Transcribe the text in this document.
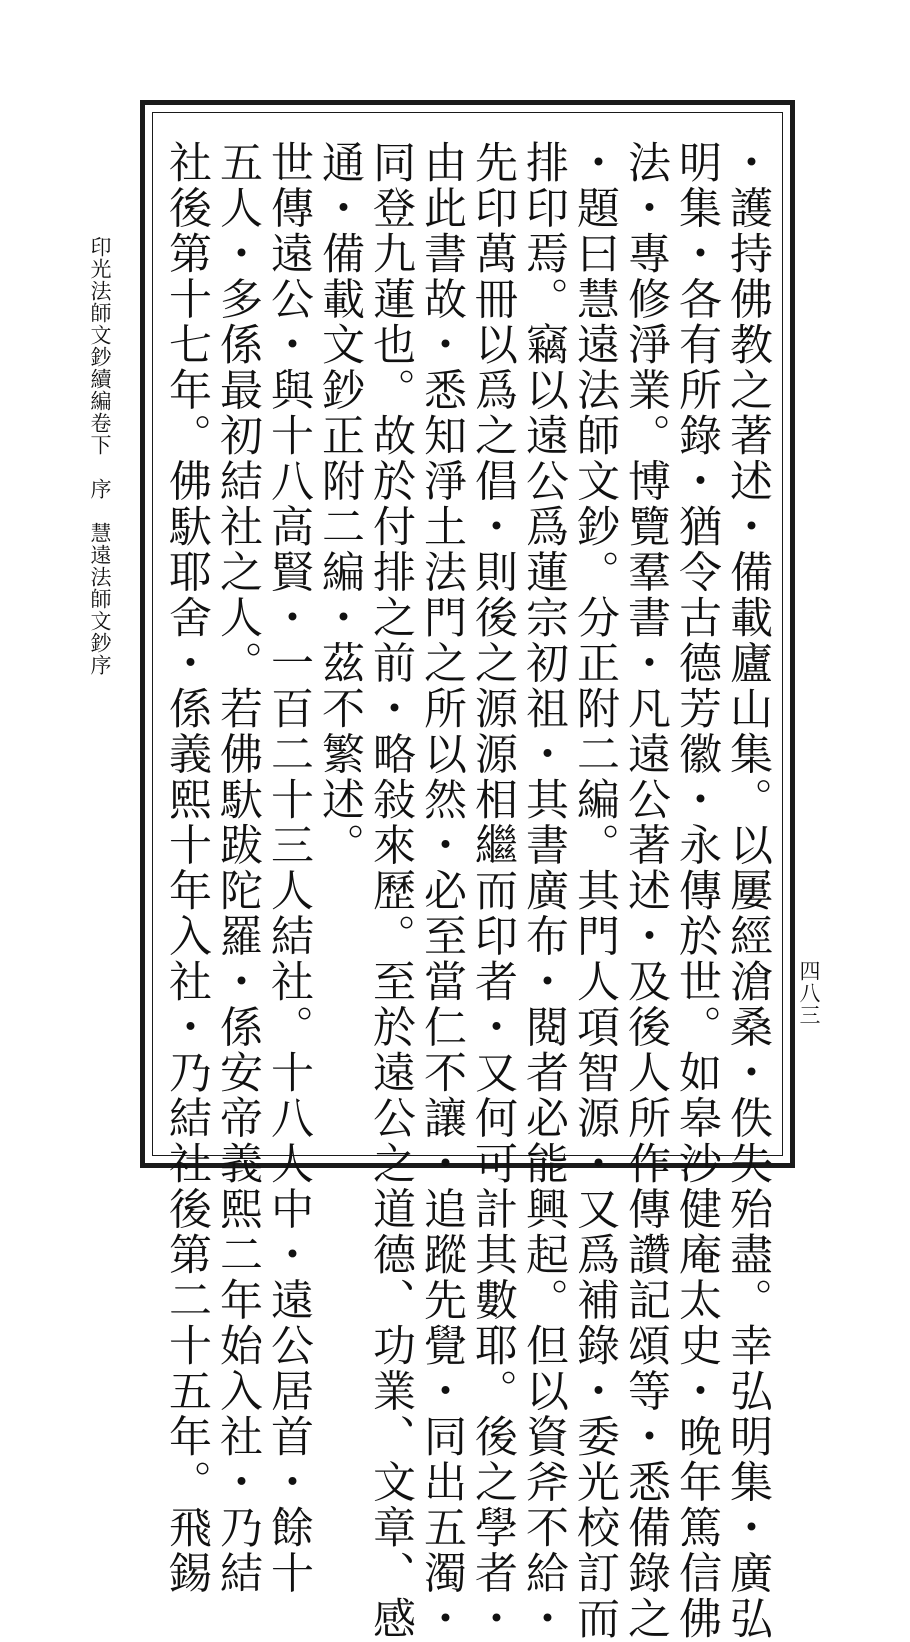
印光法師文鈔續編卷下　序　慧遠法師文鈔序
四八三
・護持佛教之著述・備載廬山集。以屢經滄桑・佚失殆盡。幸弘明集・廣弘
明集・各有所錄・猶令古德芳徽・永傳於世。如皋沙健庵太史・晚年篤信佛
法・專修淨業。博覽羣書・凡遠公著述・及後人所作傳讚記頌等・悉備錄之
・題曰慧遠法師文鈔。分正附二編。其門人項智源・又爲補錄・委光校訂而
排印焉。竊以遠公爲蓮宗初祖・其書廣布・閱者必能興起。但以資斧不給・
先印萬冊以爲之倡・則後之源源相繼而印者・又何可計其數耶。後之學者・
由此書故・悉知淨土法門之所以然・必至當仁不讓・追蹤先覺・同出五濁・
同登九蓮也。故於付排之前・略敍來歷。至於遠公之道德、功業、文章、感
通・備載文鈔正附二編・茲不繁述。
世傳遠公・與十八高賢・一百二十三人結社。十八人中・遠公居首・餘十
五人・多係最初結社之人。若佛馱跋陀羅・係安帝義熙二年始入社・乃結
社後第十七年。佛馱耶舍・係義熙十年入社・乃結社後第二十五年。飛錫
